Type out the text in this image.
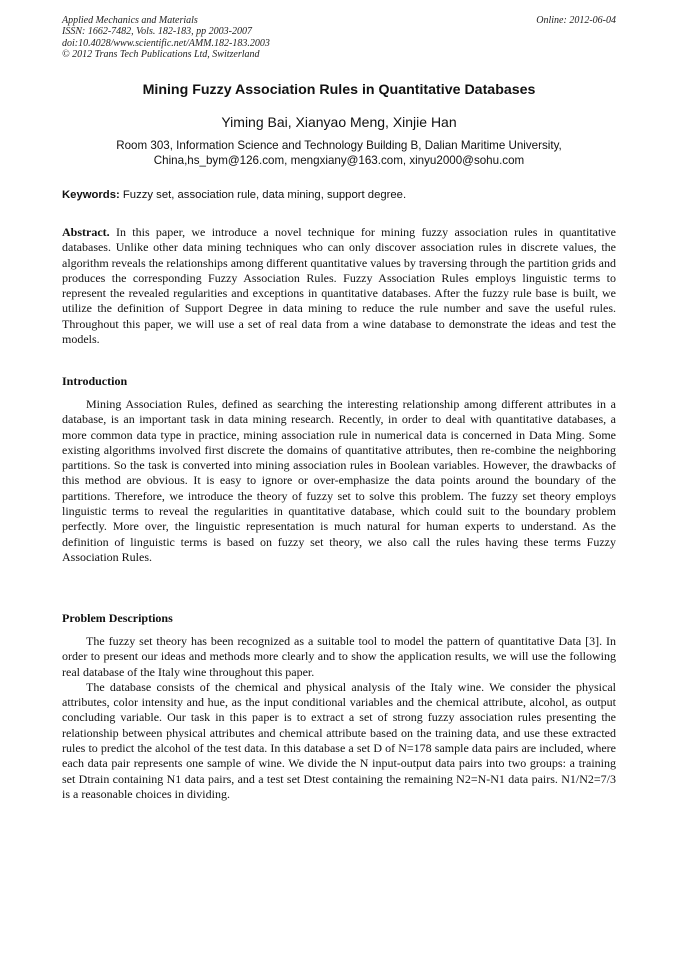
Applied Mechanics and Materials
ISSN: 1662-7482, Vols. 182-183, pp 2003-2007
doi:10.4028/www.scientific.net/AMM.182-183.2003
© 2012 Trans Tech Publications Ltd, Switzerland
Online: 2012-06-04
Mining Fuzzy Association Rules in Quantitative Databases
Yiming Bai, Xianyao Meng, Xinjie Han
Room 303, Information Science and Technology Building B, Dalian Maritime University,
China,hs_bym@126.com, mengxiany@163.com, xinyu2000@sohu.com
Keywords: Fuzzy set, association rule, data mining, support degree.

Abstract. In this paper, we introduce a novel technique for mining fuzzy association rules in quantitative databases. Unlike other data mining techniques who can only discover association rules in discrete values, the algorithm reveals the relationships among different quantitative values by traversing through the partition grids and produces the corresponding Fuzzy Association Rules. Fuzzy Association Rules employs linguistic terms to represent the revealed regularities and exceptions in quantitative databases. After the fuzzy rule base is built, we utilize the definition of Support Degree in data mining to reduce the rule number and save the useful rules. Throughout this paper, we will use a set of real data from a wine database to demonstrate the ideas and test the models.

Introduction

Mining Association Rules, defined as searching the interesting relationship among different attributes in a database, is an important task in data mining research. Recently, in order to deal with quantitative databases, a more common data type in practice, mining association rule in numerical data is concerned in Data Ming. Some existing algorithms involved first discrete the domains of quantitative attributes, then re-combine the neighboring partitions. So the task is converted into mining association rules in Boolean variables. However, the drawbacks of this method are obvious. It is easy to ignore or over-emphasize the data points around the boundary of the partitions. Therefore, we introduce the theory of fuzzy set to solve this problem. The fuzzy set theory employs linguistic terms to reveal the regularities in quantitative database, which could suit to the boundary problem perfectly. More over, the linguistic representation is much natural for human experts to understand. As the definition of linguistic terms is based on fuzzy set theory, we also call the rules having these terms Fuzzy Association Rules.

Problem Descriptions

The fuzzy set theory has been recognized as a suitable tool to model the pattern of quantitative Data [3]. In order to present our ideas and methods more clearly and to show the application results, we will use the following real database of the Italy wine throughout this paper.

The database consists of the chemical and physical analysis of the Italy wine. We consider the physical attributes, color intensity and hue, as the input conditional variables and the chemical attribute, alcohol, as output concluding variable. Our task in this paper is to extract a set of strong fuzzy association rules presenting the relationship between physical attributes and chemical attribute based on the training data, and use these extracted rules to predict the alcohol of the test data. In this database a set D of N=178 sample data pairs are included, where each data pair represents one sample of wine. We divide the N input-output data pairs into two groups: a training set Dtrain containing N1 data pairs, and a test set Dtest containing the remaining N2=N-N1 data pairs. N1/N2=7/3 is a reasonable choices in dividing.
